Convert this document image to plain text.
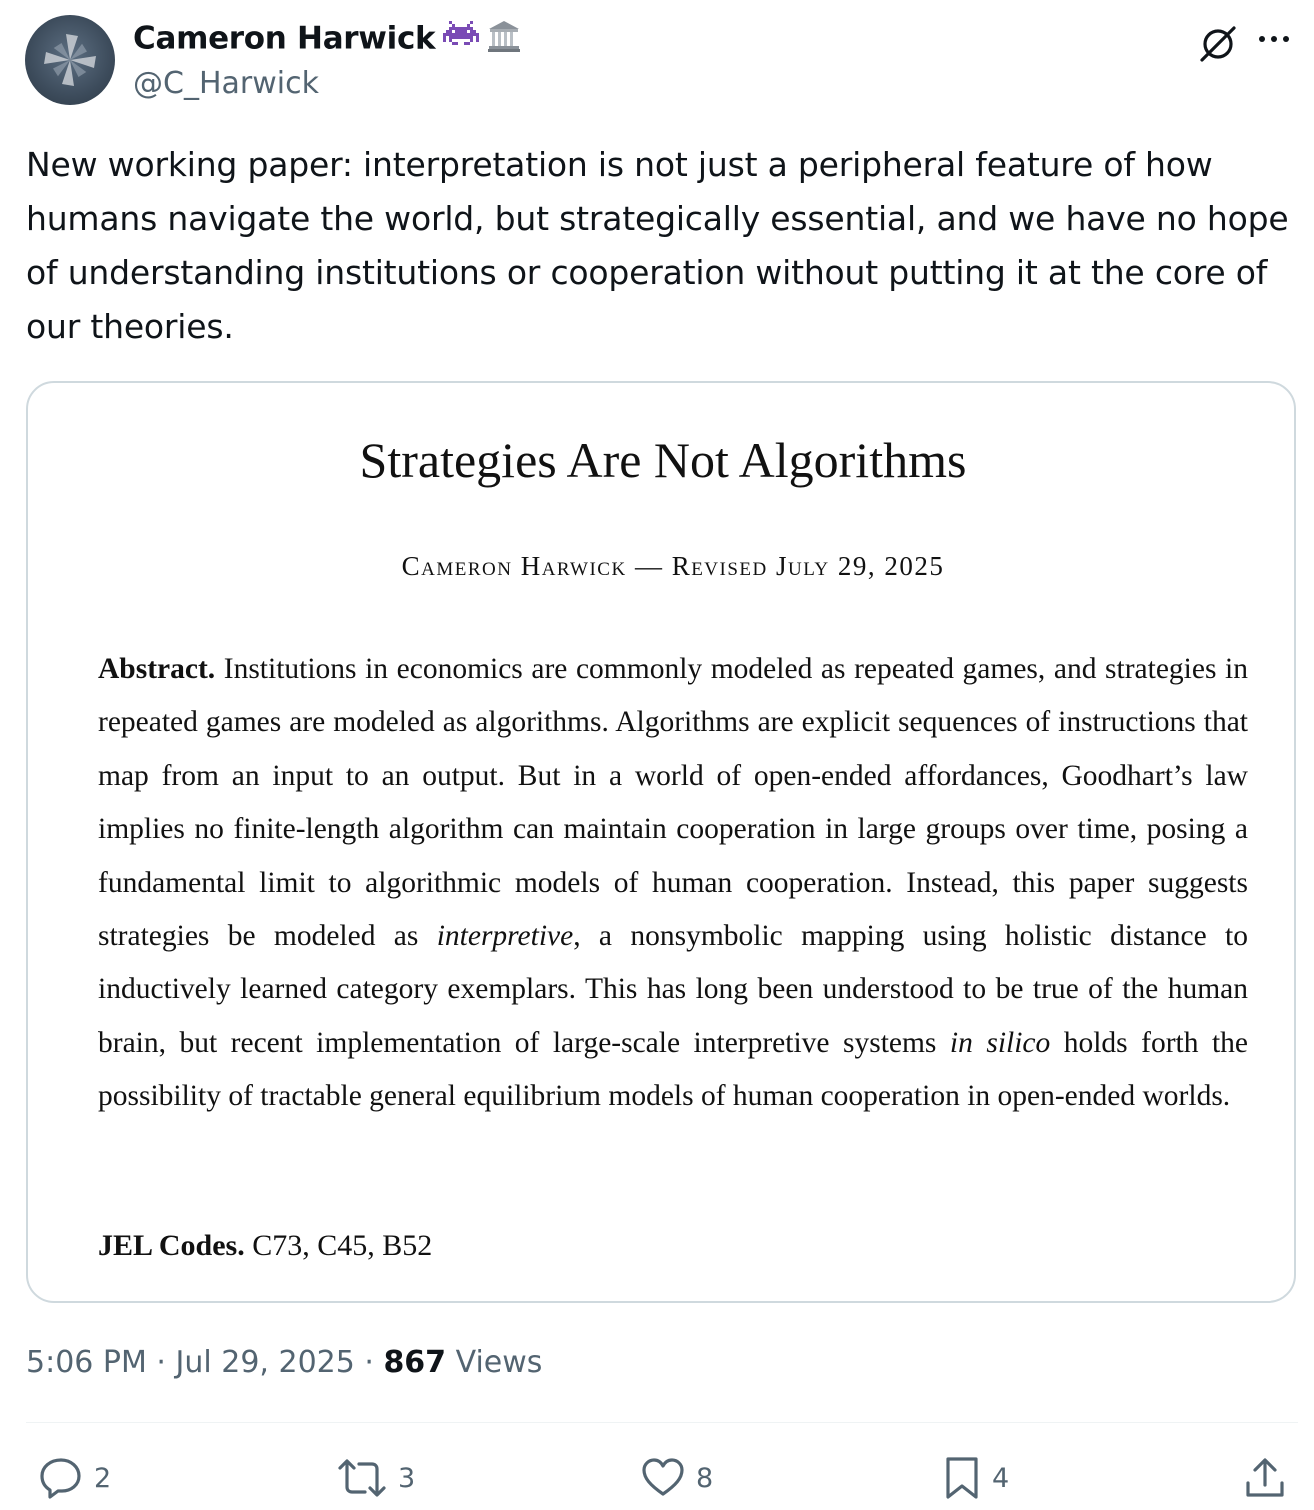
Cameron Harwick
@C_Harwick
New working paper: interpretation is not just a peripheral feature of how humans navigate the world, but strategically essential, and we have no hope of understanding institutions or cooperation without putting it at the core of our theories.
Strategies Are Not Algorithms
Cameron Harwick — Revised July 29, 2025
Abstract. Institutions in economics are commonly modeled as repeated games, and strategies in repeated games are modeled as algorithms. Algorithms are explicit sequences of instructions that map from an input to an output. But in a world of open-ended affordances, Goodhart’s law implies no finite-length algorithm can maintain cooperation in large groups over time, posing a fundamental limit to algorithmic models of human cooperation. Instead, this paper suggests strategies be modeled as interpretive, a nonsymbolic mapping using holistic distance to inductively learned category exemplars. This has long been understood to be true of the human brain, but recent implementation of large-scale interpretive systems in silico holds forth the possibility of tractable general equilibrium models of human cooperation in open-ended worlds.
JEL Codes. C73, C45, B52
5:06 PM · Jul 29, 2025 · 867 Views
2	3	8	4
